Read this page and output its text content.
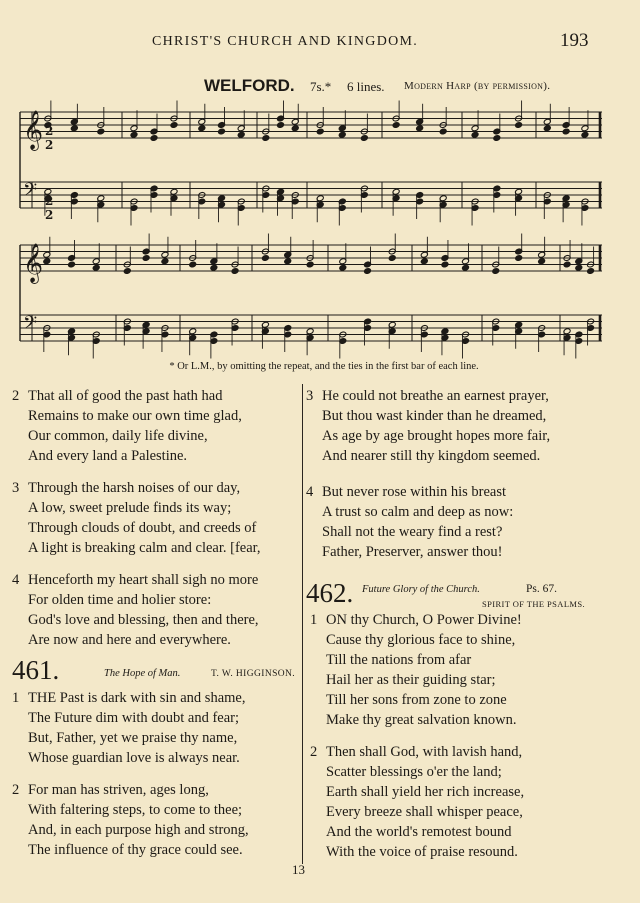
CHRIST'S CHURCH AND KINGDOM.	193
WELFORD. 7s.* 6 lines. Modern Harp (by permission).
𝄞
𝄢
𝄞
𝄢
2
2
2
2
* Or L.M., by omitting the repeat, and the ties in the first bar of each line.
2 That all of good the past hath had
Remains to make our own time glad,
Our common, daily life divine,
And every land a Palestine.
3 Through the harsh noises of our day,
A low, sweet prelude finds its way;
Through clouds of doubt, and creeds of
A light is breaking calm and clear. [fear,
4 Henceforth my heart shall sigh no more
For olden time and holier store:
God's love and blessing, then and there,
Are now and here and everywhere.
461.	The Hope of Man.	T. W. HIGGINSON.
1 THE Past is dark with sin and shame,
The Future dim with doubt and fear;
But, Father, yet we praise thy name,
Whose guardian love is always near.
2 For man has striven, ages long,
With faltering steps, to come to thee;
And, in each purpose high and strong,
The influence of thy grace could see.
3 He could not breathe an earnest prayer,
But thou wast kinder than he dreamed,
As age by age brought hopes more fair,
And nearer still thy kingdom seemed.
4 But never rose within his breast
A trust so calm and deep as now:
Shall not the weary find a rest?
Father, Preserver, answer thou!
462. Future Glory of the Church.	Ps. 67.
SPIRIT OF THE PSALMS.
1 ON thy Church, O Power Divine!
Cause thy glorious face to shine,
Till the nations from afar
Hail her as their guiding star;
Till her sons from zone to zone
Make thy great salvation known.
2 Then shall God, with lavish hand,
Scatter blessings o'er the land;
Earth shall yield her rich increase,
Every breeze shall whisper peace,
And the world's remotest bound
With the voice of praise resound.
13
